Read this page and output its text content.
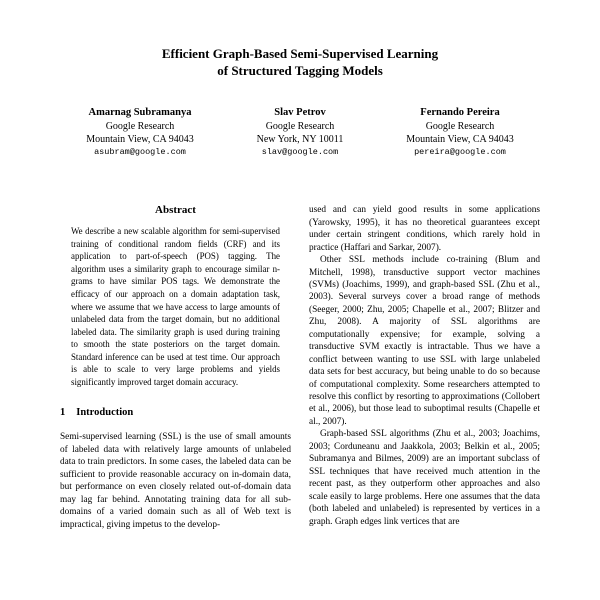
Efficient Graph-Based Semi-Supervised Learning
of Structured Tagging Models
Amarnag Subramanya
Google Research
Mountain View, CA 94043
asubram@google.com
Slav Petrov
Google Research
New York, NY 10011
slav@google.com
Fernando Pereira
Google Research
Mountain View, CA 94043
pereira@google.com
Abstract

We describe a new scalable algorithm for semi-supervised training of conditional random fields (CRF) and its application to part-of-speech (POS) tagging. The algorithm uses a similarity graph to encourage similar n-grams to have similar POS tags. We demonstrate the efficacy of our approach on a domain adaptation task, where we assume that we have access to large amounts of unlabeled data from the target domain, but no additional labeled data. The similarity graph is used during training to smooth the state posteriors on the target domain. Standard inference can be used at test time. Our approach is able to scale to very large problems and yields significantly improved target domain accuracy.

1 Introduction

Semi-supervised learning (SSL) is the use of small amounts of labeled data with relatively large amounts of unlabeled data to train predictors. In some cases, the labeled data can be sufficient to provide reasonable accuracy on in-domain data, but performance on even closely related out-of-domain data may lag far behind. Annotating training data for all sub-domains of a varied domain such as all of Web text is impractical, giving impetus to the develop-

used and can yield good results in some applications (Yarowsky, 1995), it has no theoretical guarantees except under certain stringent conditions, which rarely hold in practice (Haffari and Sarkar, 2007).

Other SSL methods include co-training (Blum and Mitchell, 1998), transductive support vector machines (SVMs) (Joachims, 1999), and graph-based SSL (Zhu et al., 2003). Several surveys cover a broad range of methods (Seeger, 2000; Zhu, 2005; Chapelle et al., 2007; Blitzer and Zhu, 2008). A majority of SSL algorithms are computationally expensive; for example, solving a transductive SVM exactly is intractable. Thus we have a conflict between wanting to use SSL with large unlabeled data sets for best accuracy, but being unable to do so because of computational complexity. Some researchers attempted to resolve this conflict by resorting to approximations (Collobert et al., 2006), but those lead to suboptimal results (Chapelle et al., 2007).

Graph-based SSL algorithms (Zhu et al., 2003; Joachims, 2003; Corduneanu and Jaakkola, 2003; Belkin et al., 2005; Subramanya and Bilmes, 2009) are an important subclass of SSL techniques that have received much attention in the recent past, as they outperform other approaches and also scale easily to large problems. Here one assumes that the data (both labeled and unlabeled) is represented by vertices in a graph. Graph edges link vertices that are
